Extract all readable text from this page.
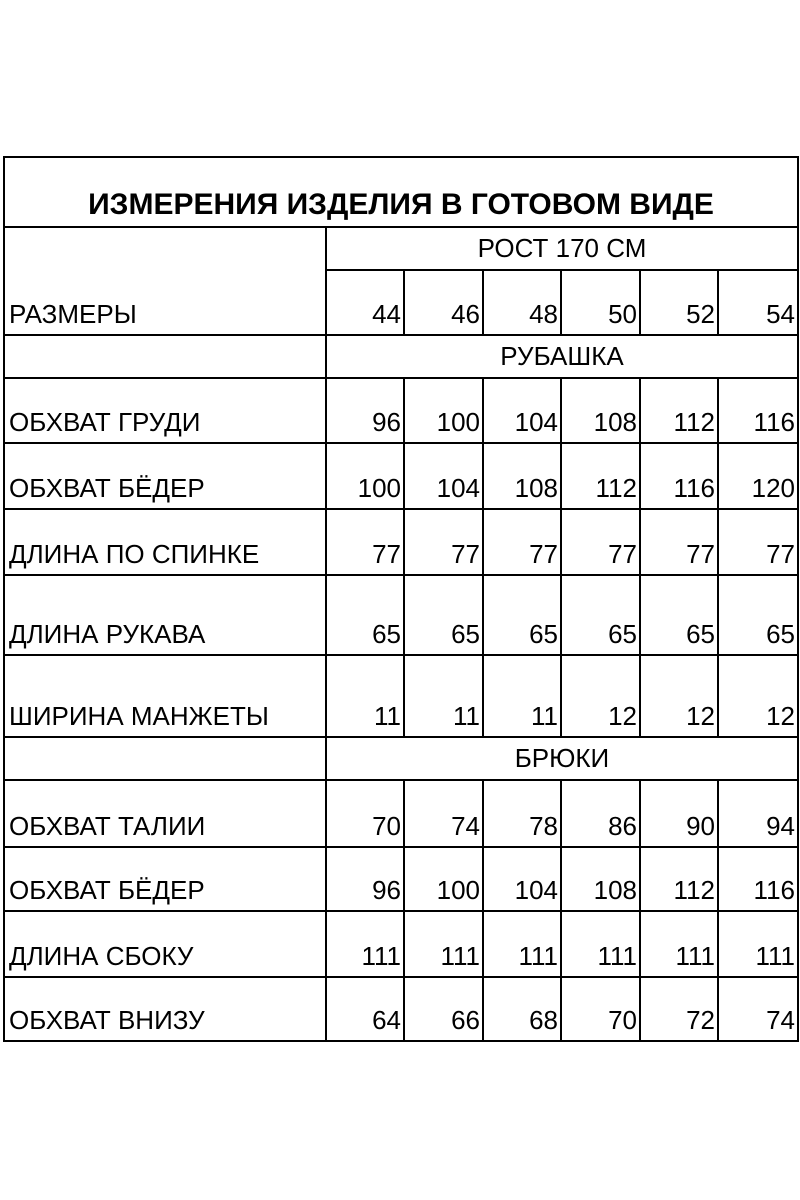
ИЗМЕРЕНИЯ ИЗДЕЛИЯ В ГОТОВОМ ВИДЕ						
РАЗМЕРЫ	РОСТ 170 СМ					
	44	46	48	50	52	54
	РУБАШКА					
ОБХВАТ ГРУДИ	96	100	104	108	112	116
ОБХВАТ БЁДЕР	100	104	108	112	116	120
ДЛИНА ПО СПИНКЕ	77	77	77	77	77	77
ДЛИНА РУКАВА	65	65	65	65	65	65
ШИРИНА МАНЖЕТЫ	11	11	11	12	12	12
	БРЮКИ					
ОБХВАТ ТАЛИИ	70	74	78	86	90	94
ОБХВАТ БЁДЕР	96	100	104	108	112	116
ДЛИНА СБОКУ	111	111	111	111	111	111
ОБХВАТ ВНИЗУ	64	66	68	70	72	74
